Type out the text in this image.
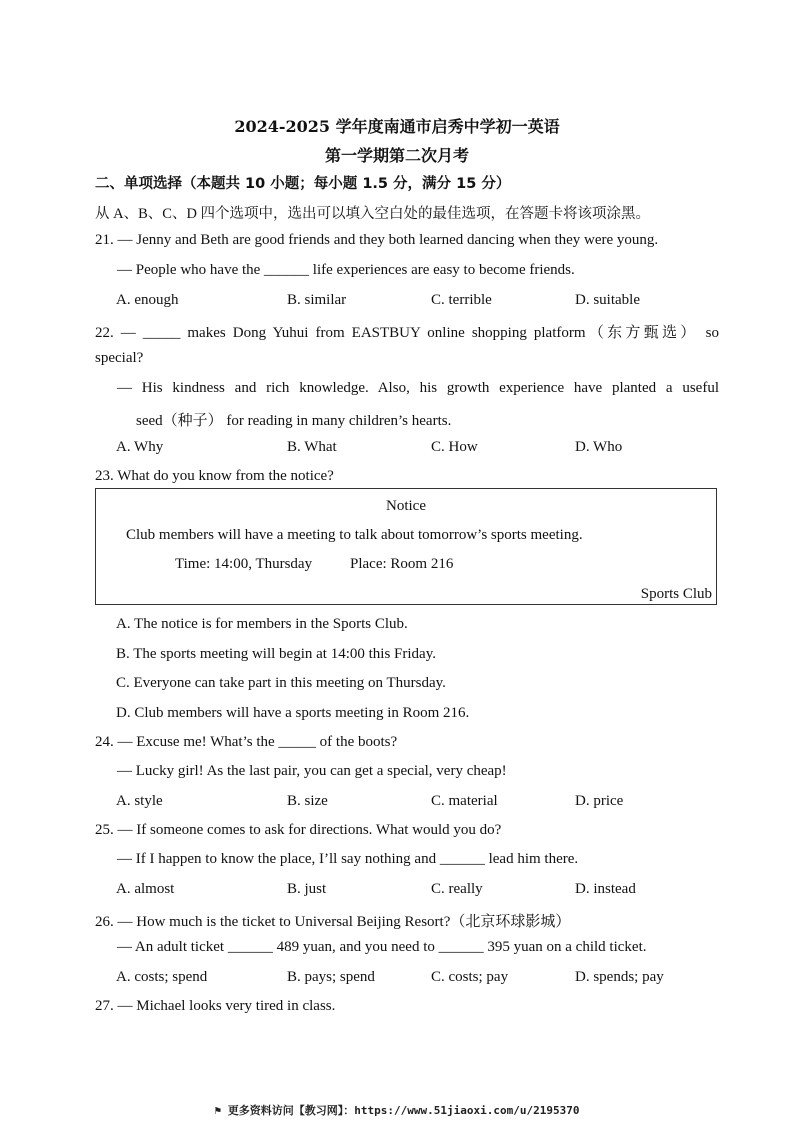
2024-2025 学年度南通市启秀中学初一英语
第一学期第二次月考
二、单项选择（本题共 10 小题；每小题 1.5 分，满分 15 分）
从 A、B、C、D 四个选项中，选出可以填入空白处的最佳选项，在答题卡将该项涂黑。
21. — Jenny and Beth are good friends and they both learned dancing when they were young.
— People who have the ______ life experiences are easy to become friends.
A. enough	B. similar	C. terrible	D. suitable
22. — _____ makes Dong Yuhui from EASTBUY online shopping platform（东方甄选） so
special?
— His kindness and rich knowledge. Also, his growth experience have planted a useful
seed（种子） for reading in many children’s hearts.
A. Why	B. What	C. How	D. Who
23. What do you know from the notice?
Notice
Club members will have a meeting to talk about tomorrow’s sports meeting.
Time: 14:00, Thursday	Place: Room 216
Sports Club
A. The notice is for members in the Sports Club.
B. The sports meeting will begin at 14:00 this Friday.
C. Everyone can take part in this meeting on Thursday.
D. Club members will have a sports meeting in Room 216.
24. — Excuse me! What’s the _____ of the boots?
— Lucky girl! As the last pair, you can get a special, very cheap!
A. style	B. size	C. material	D. price
25. — If someone comes to ask for directions. What would you do?
— If I happen to know the place, I’ll say nothing and ______ lead him there.
A. almost	B. just	C. really	D. instead
26. — How much is the ticket to Universal Beijing Resort?（北京环球影城）
— An adult ticket ______ 489 yuan, and you need to ______ 395 yuan on a child ticket.
A. costs; spend	B. pays; spend	C. costs; pay	D. spends; pay
27. — Michael looks very tired in class.
⚑ 更多资料访问【教习网】：https://www.51jiaoxi.com/u/2195370
